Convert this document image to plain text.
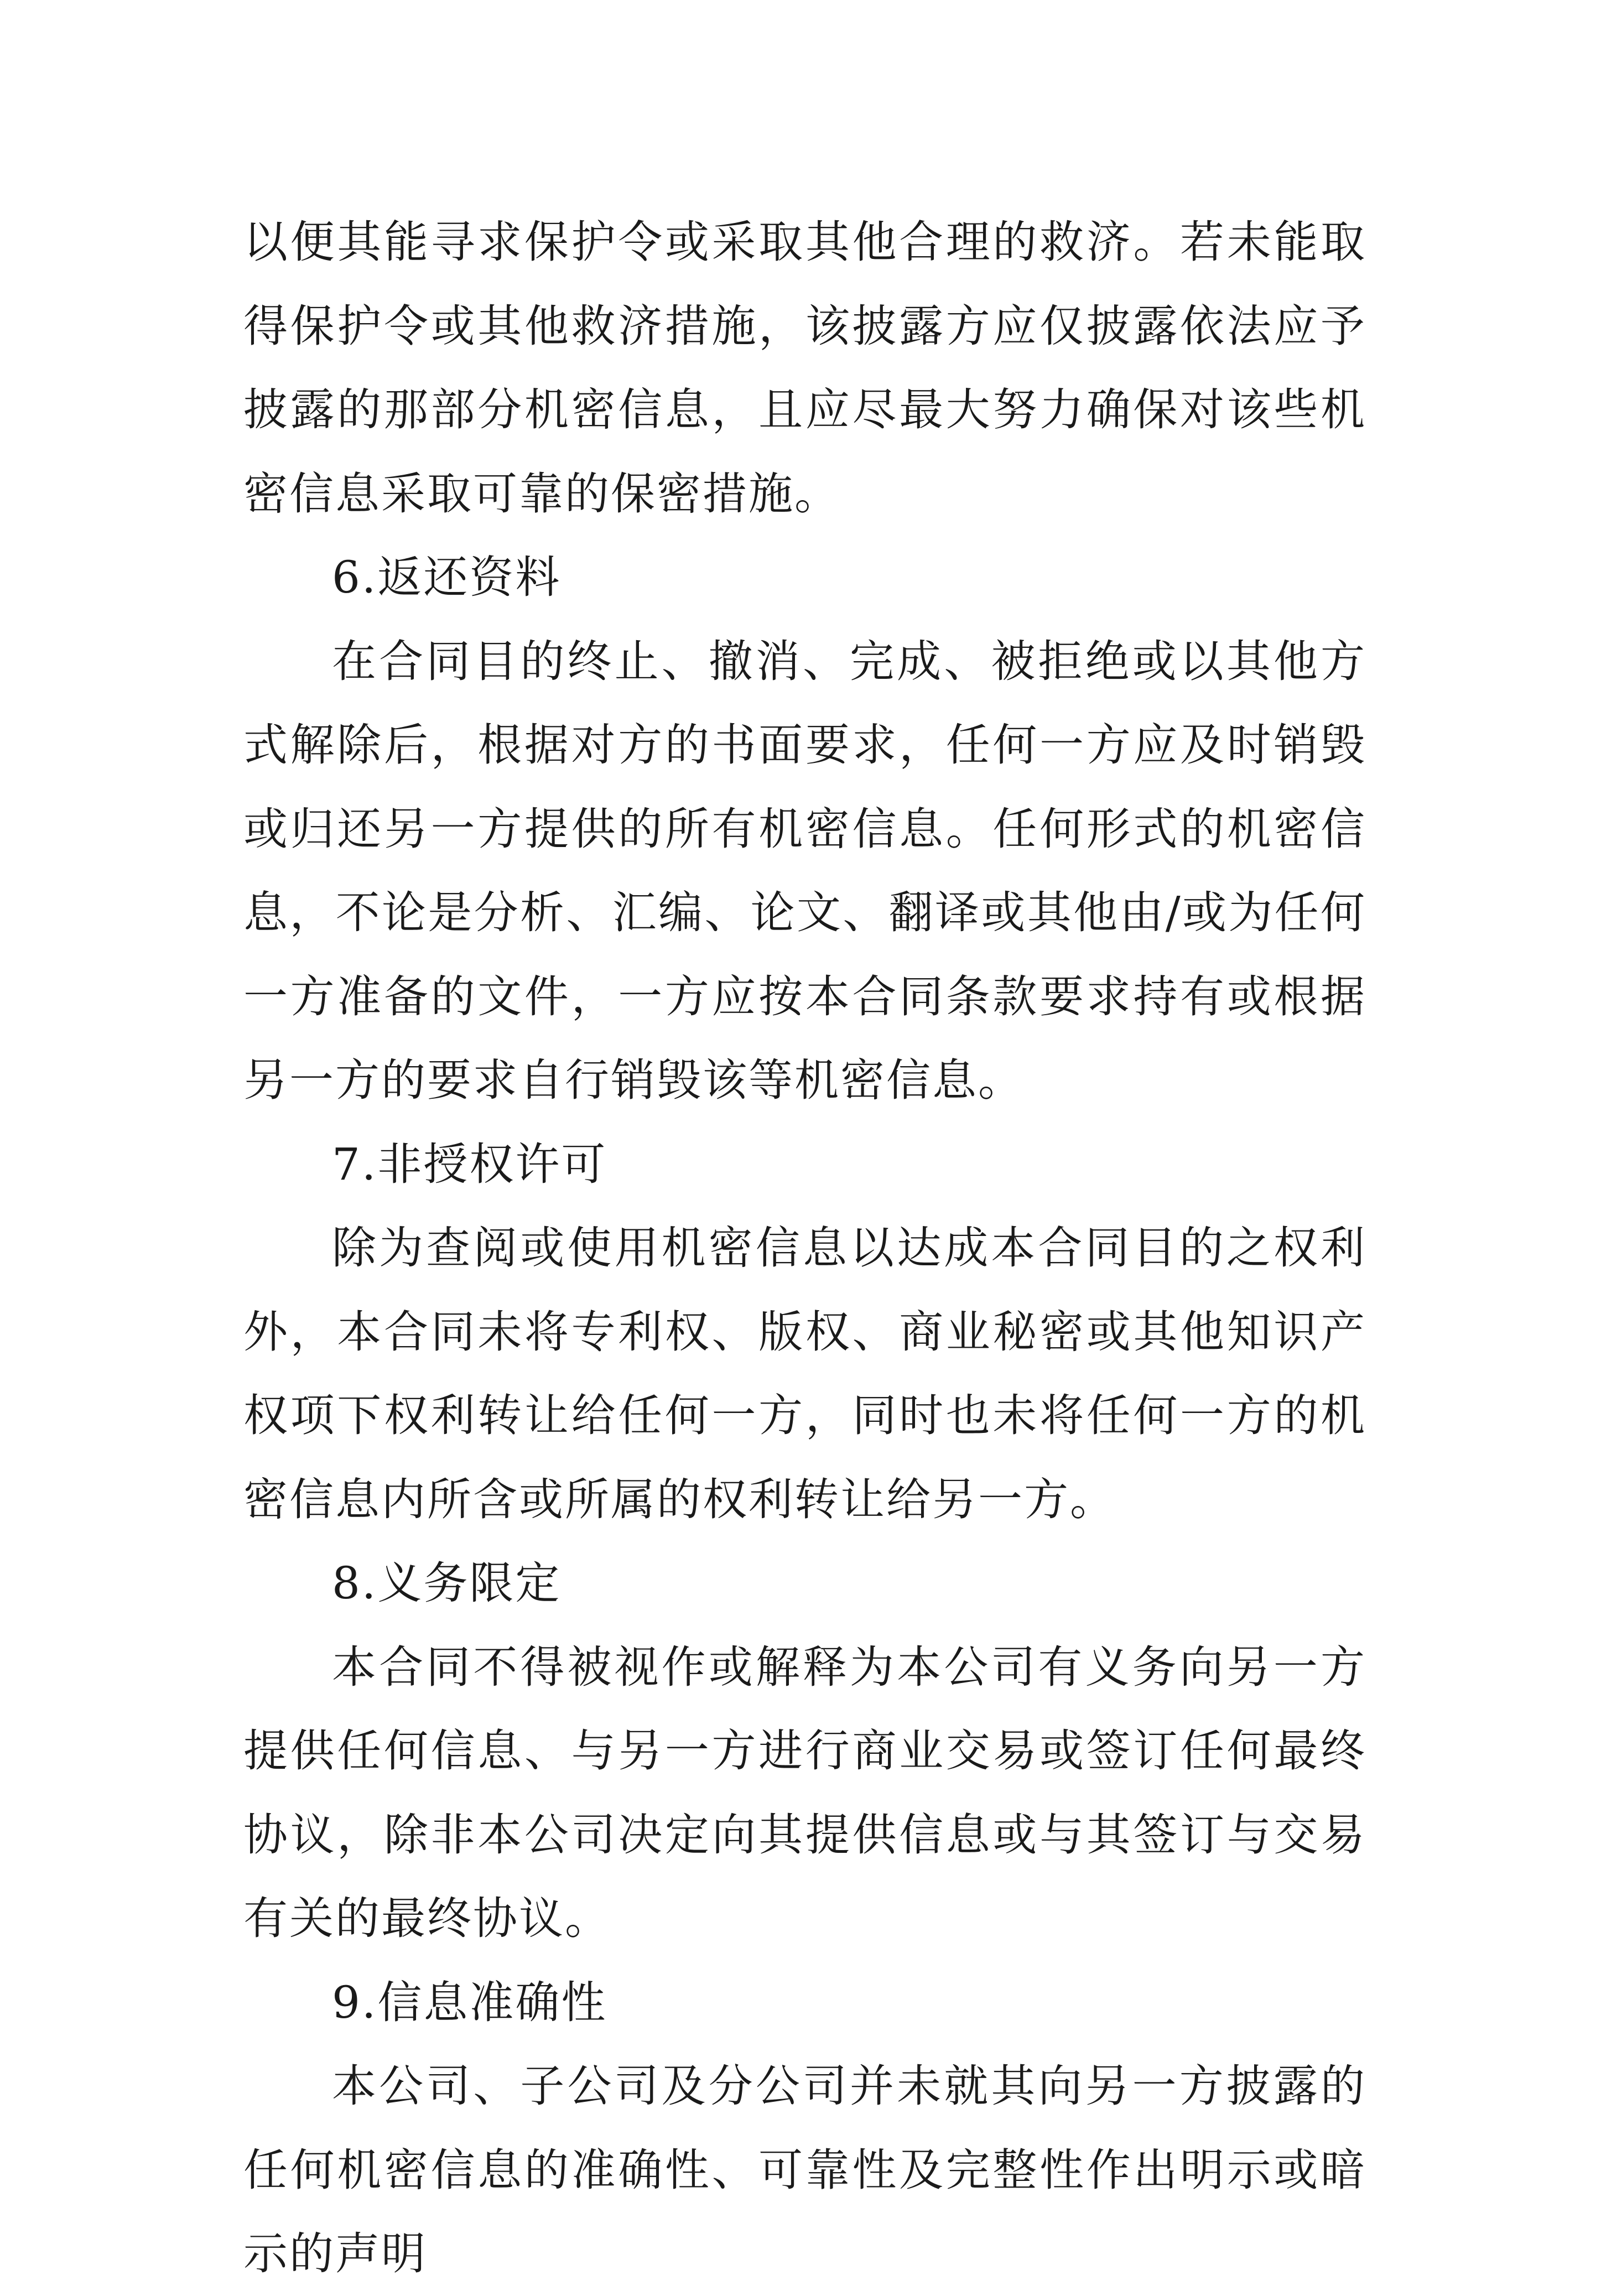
以便其能寻求保护令或采取其他合理的救济。若未能取得保护令或其他救济措施，该披露方应仅披露依法应予披露的那部分机密信息，且应尽最大努力确保对该些机密信息采取可靠的保密措施。

6.返还资料

在合同目的终止、撤消、完成、被拒绝或以其他方式解除后，根据对方的书面要求，任何一方应及时销毁或归还另一方提供的所有机密信息。任何形式的机密信息，不论是分析、汇编、论文、翻译或其他由/或为任何一方准备的文件，一方应按本合同条款要求持有或根据另一方的要求自行销毁该等机密信息。

7.非授权许可

除为查阅或使用机密信息以达成本合同目的之权利外，本合同未将专利权、版权、商业秘密或其他知识产权项下权利转让给任何一方，同时也未将任何一方的机密信息内所含或所属的权利转让给另一方。

8.义务限定

本合同不得被视作或解释为本公司有义务向另一方提供任何信息、与另一方进行商业交易或签订任何最终协议，除非本公司决定向其提供信息或与其签订与交易有关的最终协议。

9.信息准确性

本公司、子公司及分公司并未就其向另一方披露的任何机密信息的准确性、可靠性及完整性作出明示或暗示的声明
